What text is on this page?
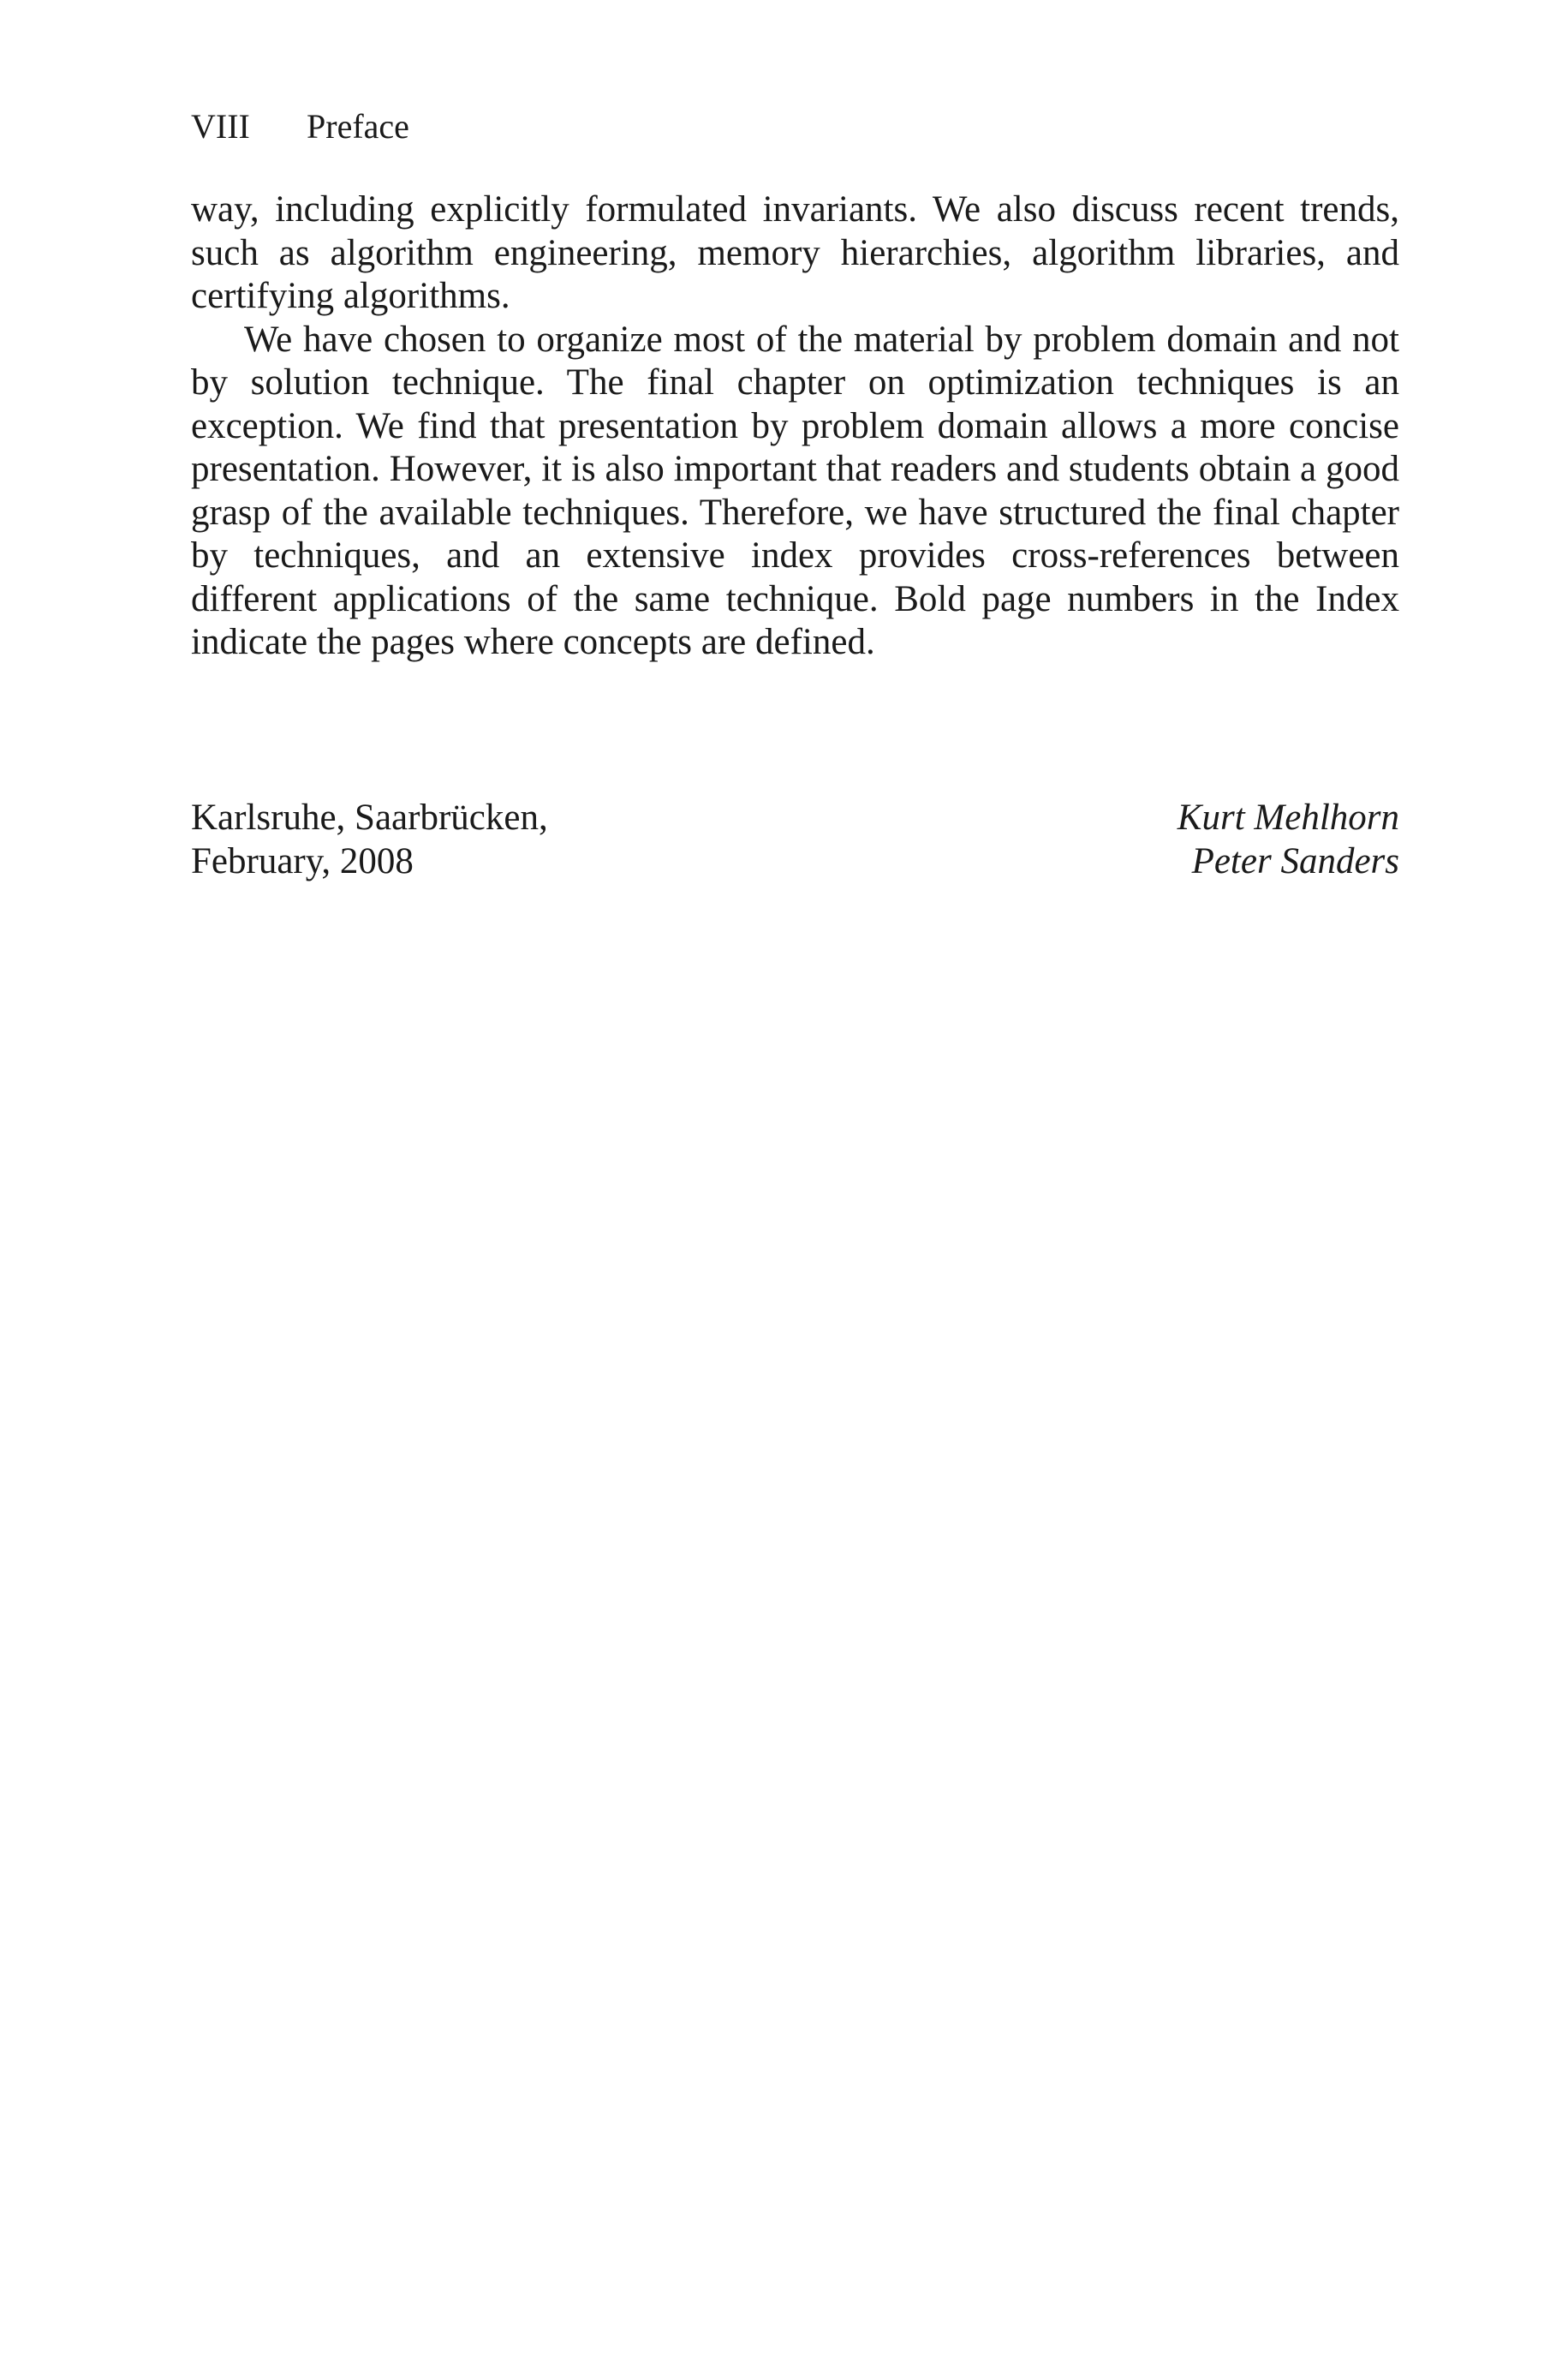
VIII Preface

way, including explicitly formulated invariants. We also discuss recent trends, such as algorithm engineering, memory hierarchies, algorithm libraries, and certifying algorithms.

We have chosen to organize most of the material by problem domain and not by solution technique. The final chapter on optimization techniques is an exception. We find that presentation by problem domain allows a more concise presentation. However, it is also important that readers and students obtain a good grasp of the available techniques. Therefore, we have structured the final chapter by techniques, and an extensive index provides cross-references between different applications of the same technique. Bold page numbers in the Index indicate the pages where concepts are defined.

Karlsruhe, Saarbrücken,
February, 2008
Kurt Mehlhorn
Peter Sanders
